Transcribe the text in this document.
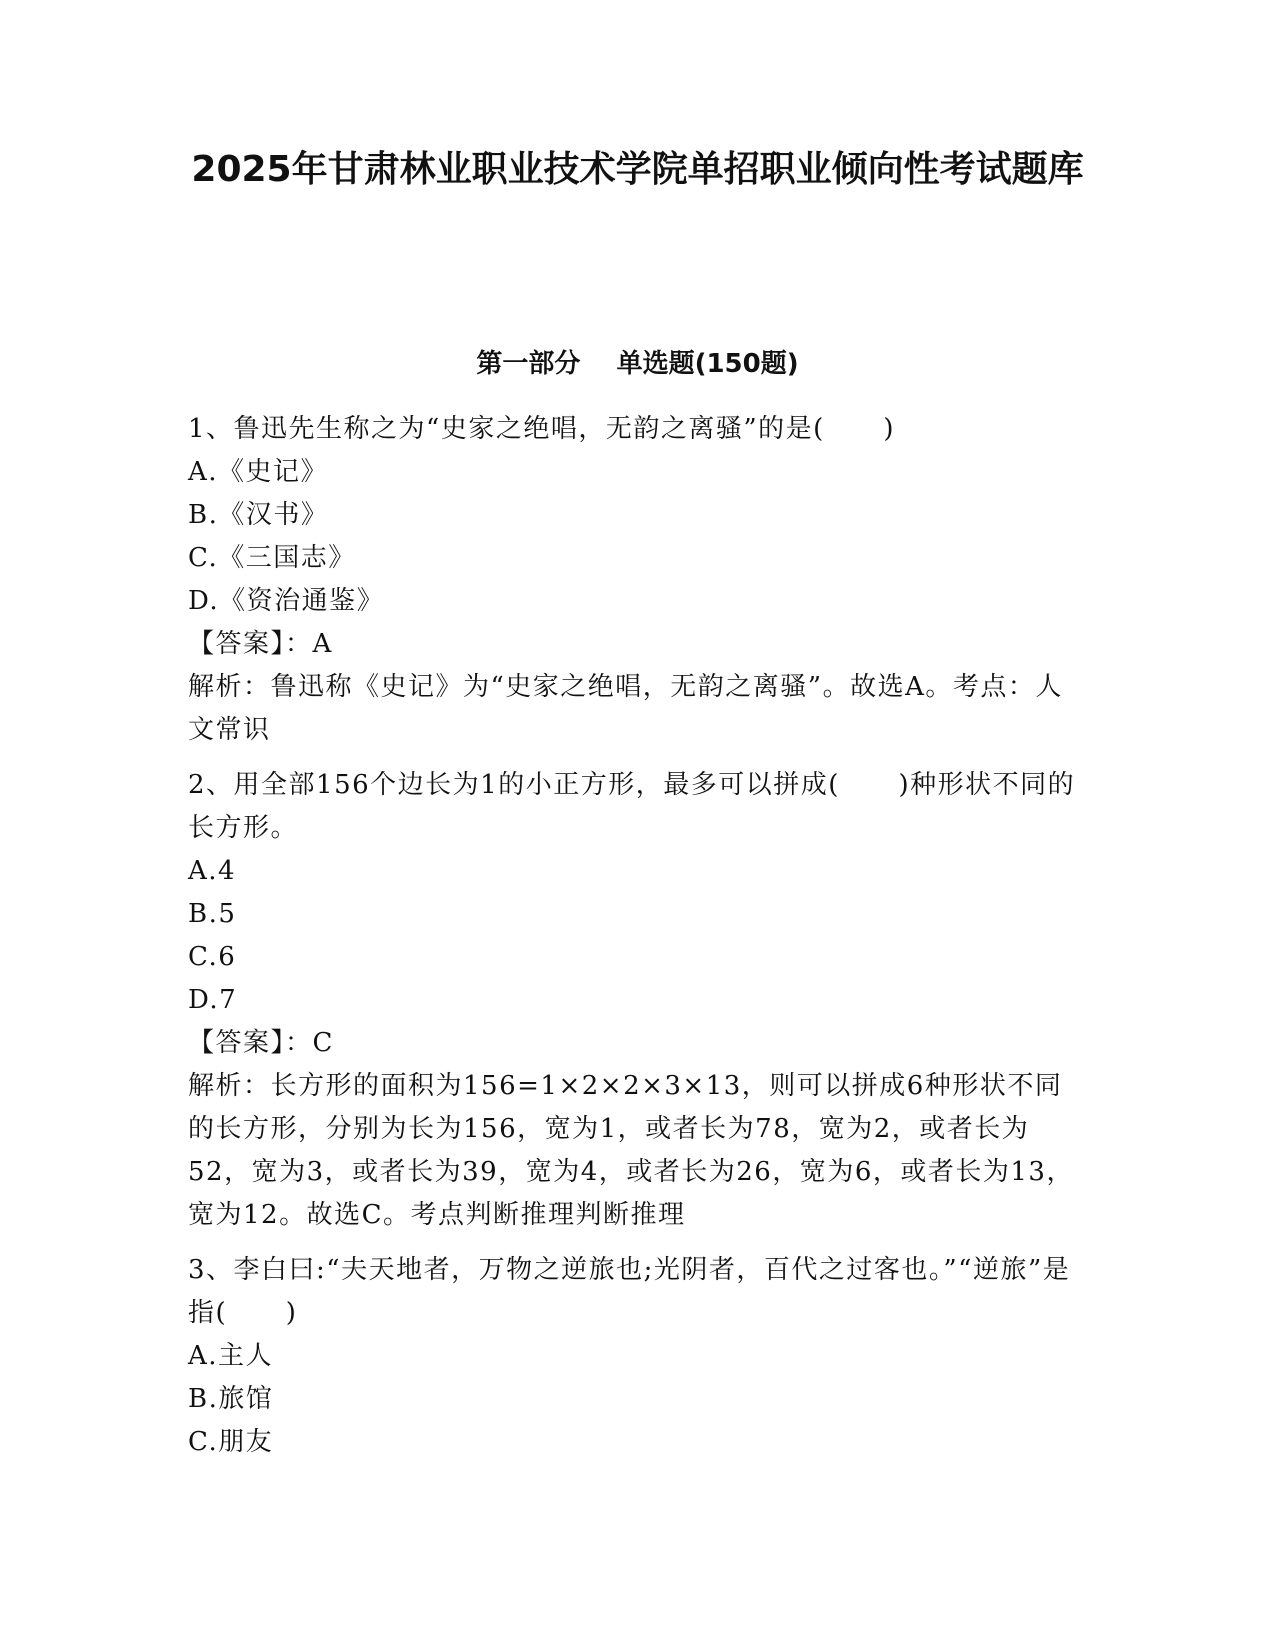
2025年甘肃林业职业技术学院单招职业倾向性考试题库
第一部分    单选题(150题)

1、鲁迅先生称之为“史家之绝唱，无韵之离骚”的是(      )

A.《史记》

B.《汉书》

C.《三国志》

D.《资治通鉴》

【答案】：A

解析：鲁迅称《史记》为“史家之绝唱，无韵之离骚”。故选A。考点：人文常识

2、用全部156个边长为1的小正方形，最多可以拼成(      )种形状不同的长方形。

A.4

B.5

C.6

D.7

【答案】：C

解析：长方形的面积为156=1×2×2×3×13，则可以拼成6种形状不同的长方形，分别为长为156，宽为1，或者长为78，宽为2，或者长为52，宽为3，或者长为39，宽为4，或者长为26，宽为6，或者长为13，宽为12。故选C。考点判断推理判断推理

3、李白曰:“夫天地者，万物之逆旅也;光阴者，百代之过客也。”“逆旅”是指(      )

A.主人

B.旅馆

C.朋友
